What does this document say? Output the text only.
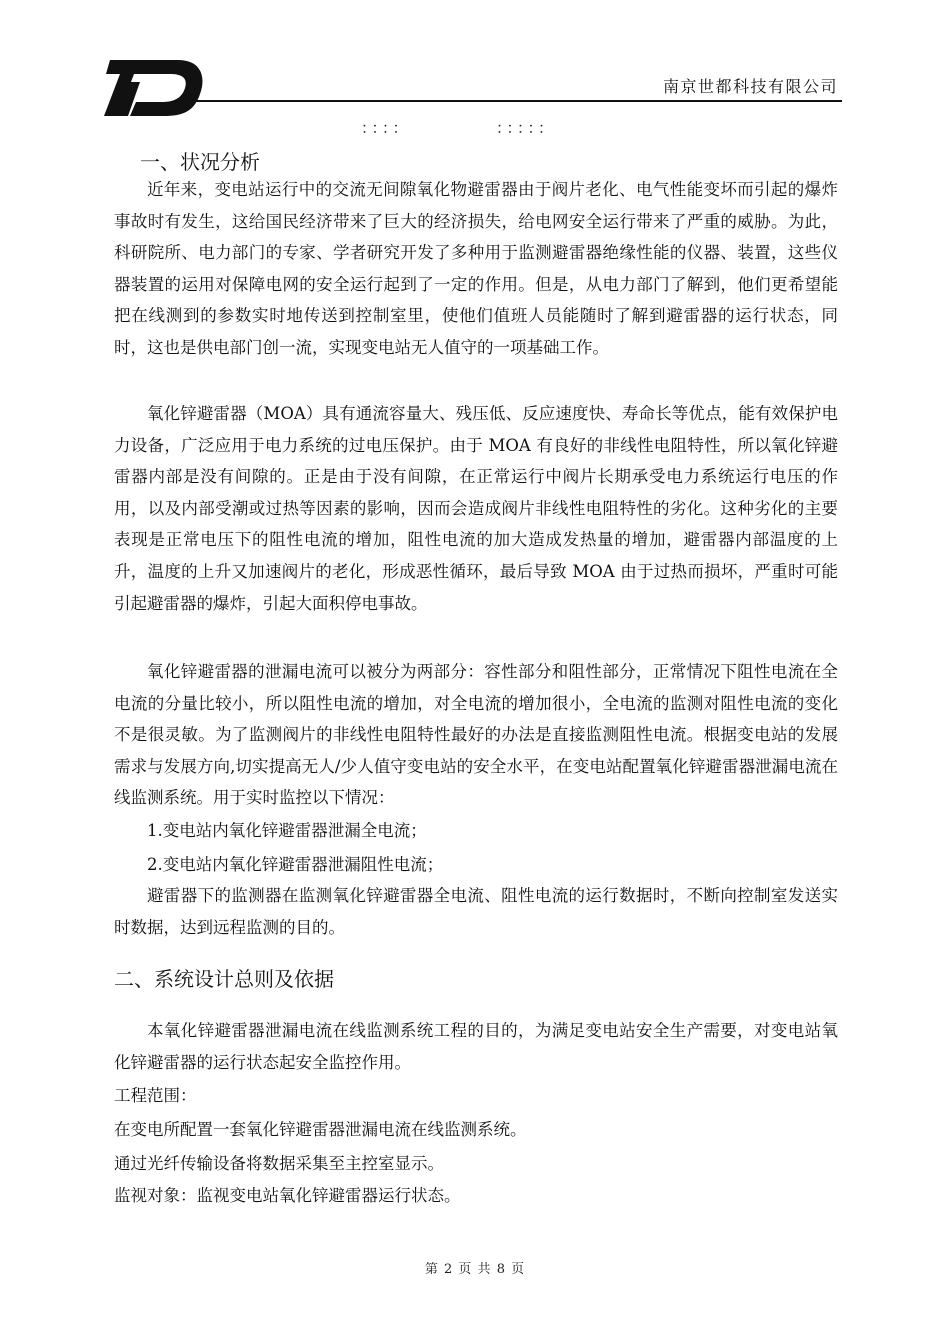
南京世都科技有限公司
：：：：	：：：：：
一、状况分析

近年来，变电站运行中的交流无间隙氧化物避雷器由于阀片老化、电气性能变坏而引起的爆炸事故时有发生，这给国民经济带来了巨大的经济损失，给电网安全运行带来了严重的威胁。为此，科研院所、电力部门的专家、学者研究开发了多种用于监测避雷器绝缘性能的仪器、装置，这些仪器装置的运用对保障电网的安全运行起到了一定的作用。但是，从电力部门了解到，他们更希望能把在线测到的参数实时地传送到控制室里，使他们值班人员能随时了解到避雷器的运行状态，同时，这也是供电部门创一流，实现变电站无人值守的一项基础工作。

氧化锌避雷器（MOA）具有通流容量大、残压低、反应速度快、寿命长等优点，能有效保护电力设备，广泛应用于电力系统的过电压保护。由于 MOA 有良好的非线性电阻特性，所以氧化锌避雷器内部是没有间隙的。正是由于没有间隙，在正常运行中阀片长期承受电力系统运行电压的作用，以及内部受潮或过热等因素的影响，因而会造成阀片非线性电阻特性的劣化。这种劣化的主要表现是正常电压下的阻性电流的增加，阻性电流的加大造成发热量的增加，避雷器内部温度的上升，温度的上升又加速阀片的老化，形成恶性循环，最后导致 MOA 由于过热而损坏，严重时可能引起避雷器的爆炸，引起大面积停电事故。

氧化锌避雷器的泄漏电流可以被分为两部分：容性部分和阻性部分，正常情况下阻性电流在全电流的分量比较小，所以阻性电流的增加，对全电流的增加很小，全电流的监测对阻性电流的变化不是很灵敏。为了监测阀片的非线性电阻特性最好的办法是直接监测阻性电流。根据变电站的发展需求与发展方向,切实提高无人/少人值守变电站的安全水平，在变电站配置氧化锌避雷器泄漏电流在线监测系统。用于实时监控以下情况：

1.变电站内氧化锌避雷器泄漏全电流；

2.变电站内氧化锌避雷器泄漏阻性电流；

避雷器下的监测器在监测氧化锌避雷器全电流、阻性电流的运行数据时，不断向控制室发送实时数据，达到远程监测的目的。

二、系统设计总则及依据

本氧化锌避雷器泄漏电流在线监测系统工程的目的，为满足变电站安全生产需要，对变电站氧化锌避雷器的运行状态起安全监控作用。

工程范围：

在变电所配置一套氧化锌避雷器泄漏电流在线监测系统。

通过光纤传输设备将数据采集至主控室显示。

监视对象：监视变电站氧化锌避雷器运行状态。

第 2 页 共 8 页
